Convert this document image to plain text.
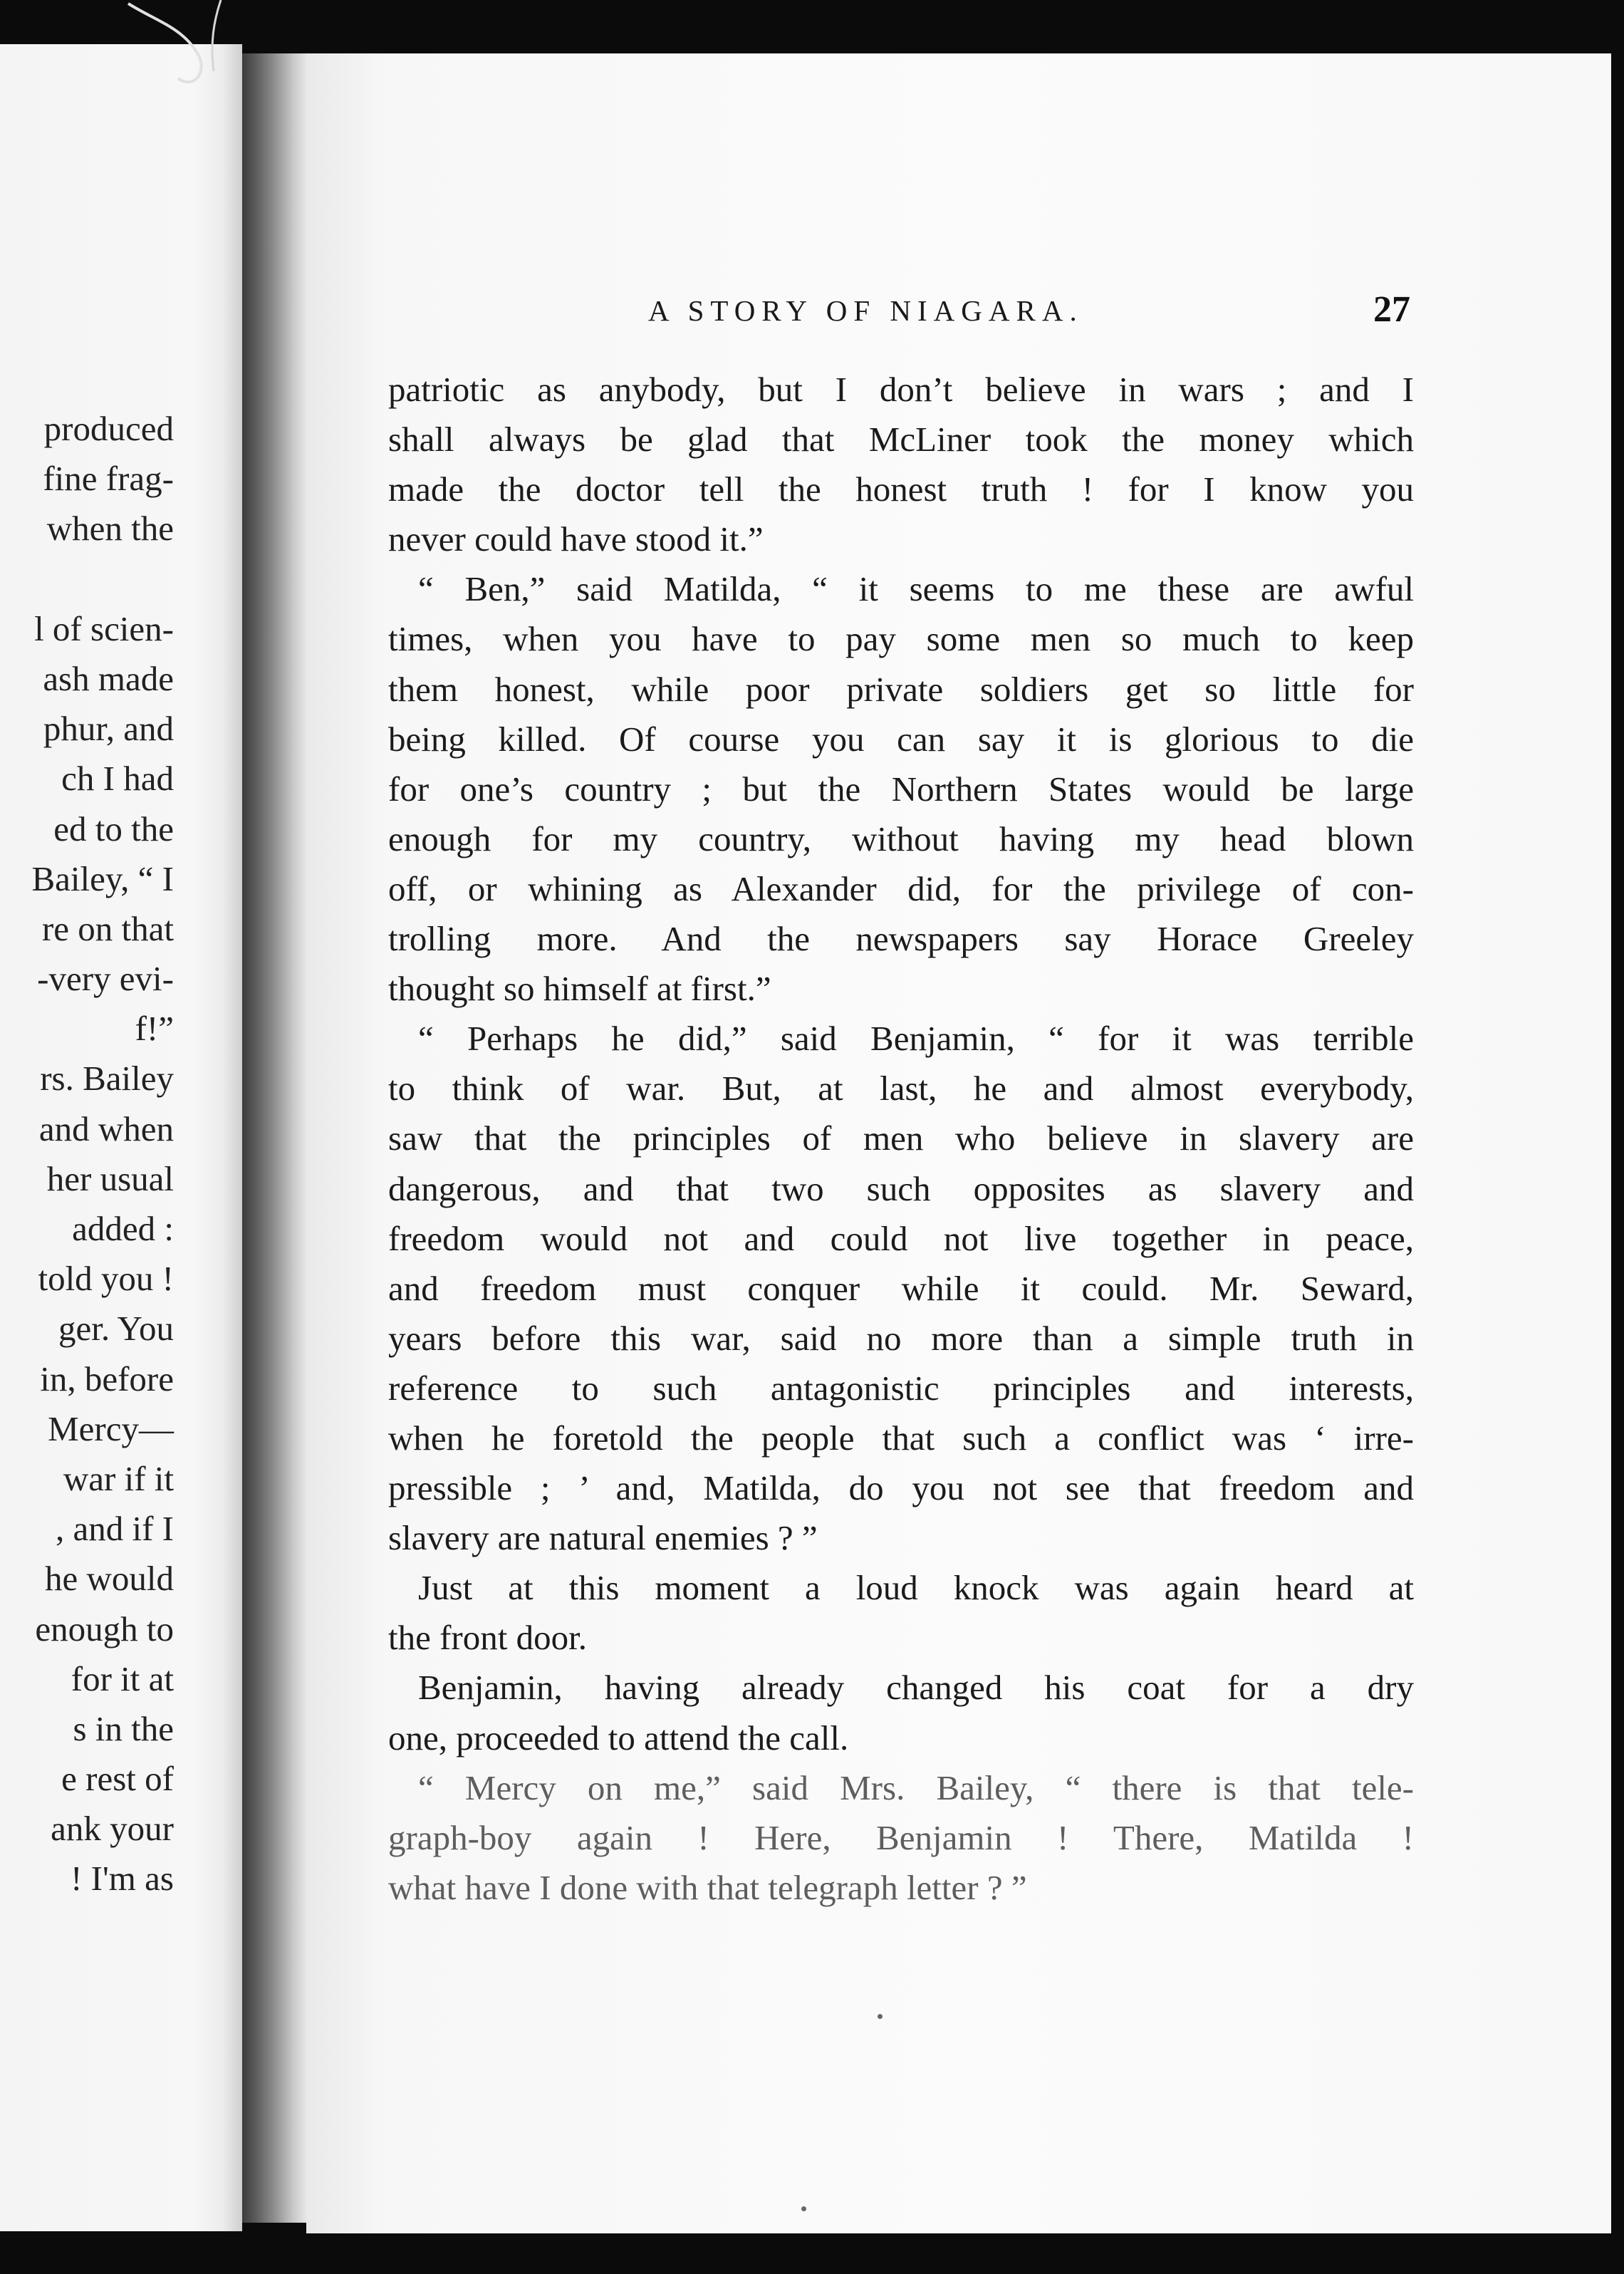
produced
fine frag-
when the
l of scien-
ash made
phur, and
ch I had
ed to the
Bailey, “ I
re on that
-very evi-
f!”
rs. Bailey
and when
her usual
added :
told you !
ger. You
in, before
Mercy—
war if it
, and if I
he would
enough to
for it at
s in the
e rest of
ank your
! I'm as
A STORY OF NIAGARA.	27
patriotic as anybody, but I don’t believe in wars ; and I
shall always be glad that McLiner took the money which
made the doctor tell the honest truth ! for I know you
never could have stood it.”
“ Ben,” said Matilda, “ it seems to me these are awful
times, when you have to pay some men so much to keep
them honest, while poor private soldiers get so little for
being killed. Of course you can say it is glorious to die
for one’s country ; but the Northern States would be large
enough for my country, without having my head blown
off, or whining as Alexander did, for the privilege of con-
trolling more. And the newspapers say Horace Greeley
thought so himself at first.”
“ Perhaps he did,” said Benjamin, “ for it was terrible
to think of war. But, at last, he and almost everybody,
saw that the principles of men who believe in slavery are
dangerous, and that two such opposites as slavery and
freedom would not and could not live together in peace,
and freedom must conquer while it could. Mr. Seward,
years before this war, said no more than a simple truth in
reference to such antagonistic principles and interests,
when he foretold the people that such a conflict was ‘ irre-
pressible ; ’ and, Matilda, do you not see that freedom and
slavery are natural enemies ? ”
Just at this moment a loud knock was again heard at
the front door.
Benjamin, having already changed his coat for a dry
one, proceeded to attend the call.
“ Mercy on me,” said Mrs. Bailey, “ there is that tele-
graph-boy again ! Here, Benjamin ! There, Matilda !
what have I done with that telegraph letter ? ”
